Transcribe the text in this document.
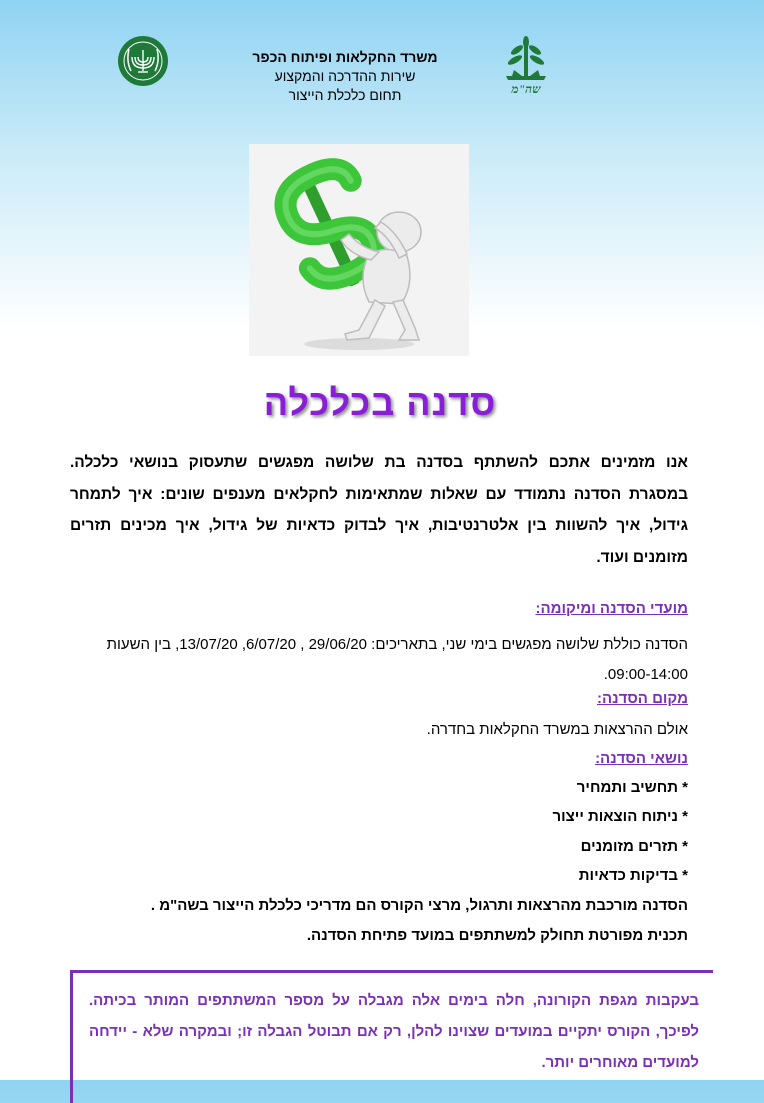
שה"מ
משרד החקלאות ופיתוח הכפר
שירות ההדרכה והמקצוע
תחום כלכלת הייצור
סדנה בכלכלה
אנו מזמינים אתכם להשתתף בסדנה בת שלושה מפגשים שתעסוק בנושאי כלכלה. במסגרת הסדנה נתמודד עם שאלות שמתאימות לחקלאים מענפים שונים: איך לתמחר גידול, איך להשוות בין אלטרנטיבות, איך לבדוק כדאיות של גידול, איך מכינים תזרים מזומנים ועוד.
מועדי הסדנה ומיקומה:
הסדנה כוללת שלושה מפגשים בימי שני, בתאריכים: 29/06/20 , 6/07/20, 13/07/20, בין השעות 09:00-14:00.
מקום הסדנה:
אולם ההרצאות במשרד החקלאות בחדרה.
נושאי הסדנה:
* תחשיב ותמחיר
* ניתוח הוצאות ייצור
* תזרים מזומנים
* בדיקות כדאיות
הסדנה מורכבת מהרצאות ותרגול, מרצי הקורס הם מדריכי כלכלת הייצור בשה"מ .
תכנית מפורטת תחולק למשתתפים במועד פתיחת הסדנה.
בעקבות מגפת הקורונה, חלה בימים אלה מגבלה על מספר המשתתפים המותר בכיתה. לפיכך, הקורס יתקיים במועדים שצוינו להלן, רק אם תבוטל הגבלה זו; ובמקרה שלא - יידחה למועדים מאוחרים יותר.
